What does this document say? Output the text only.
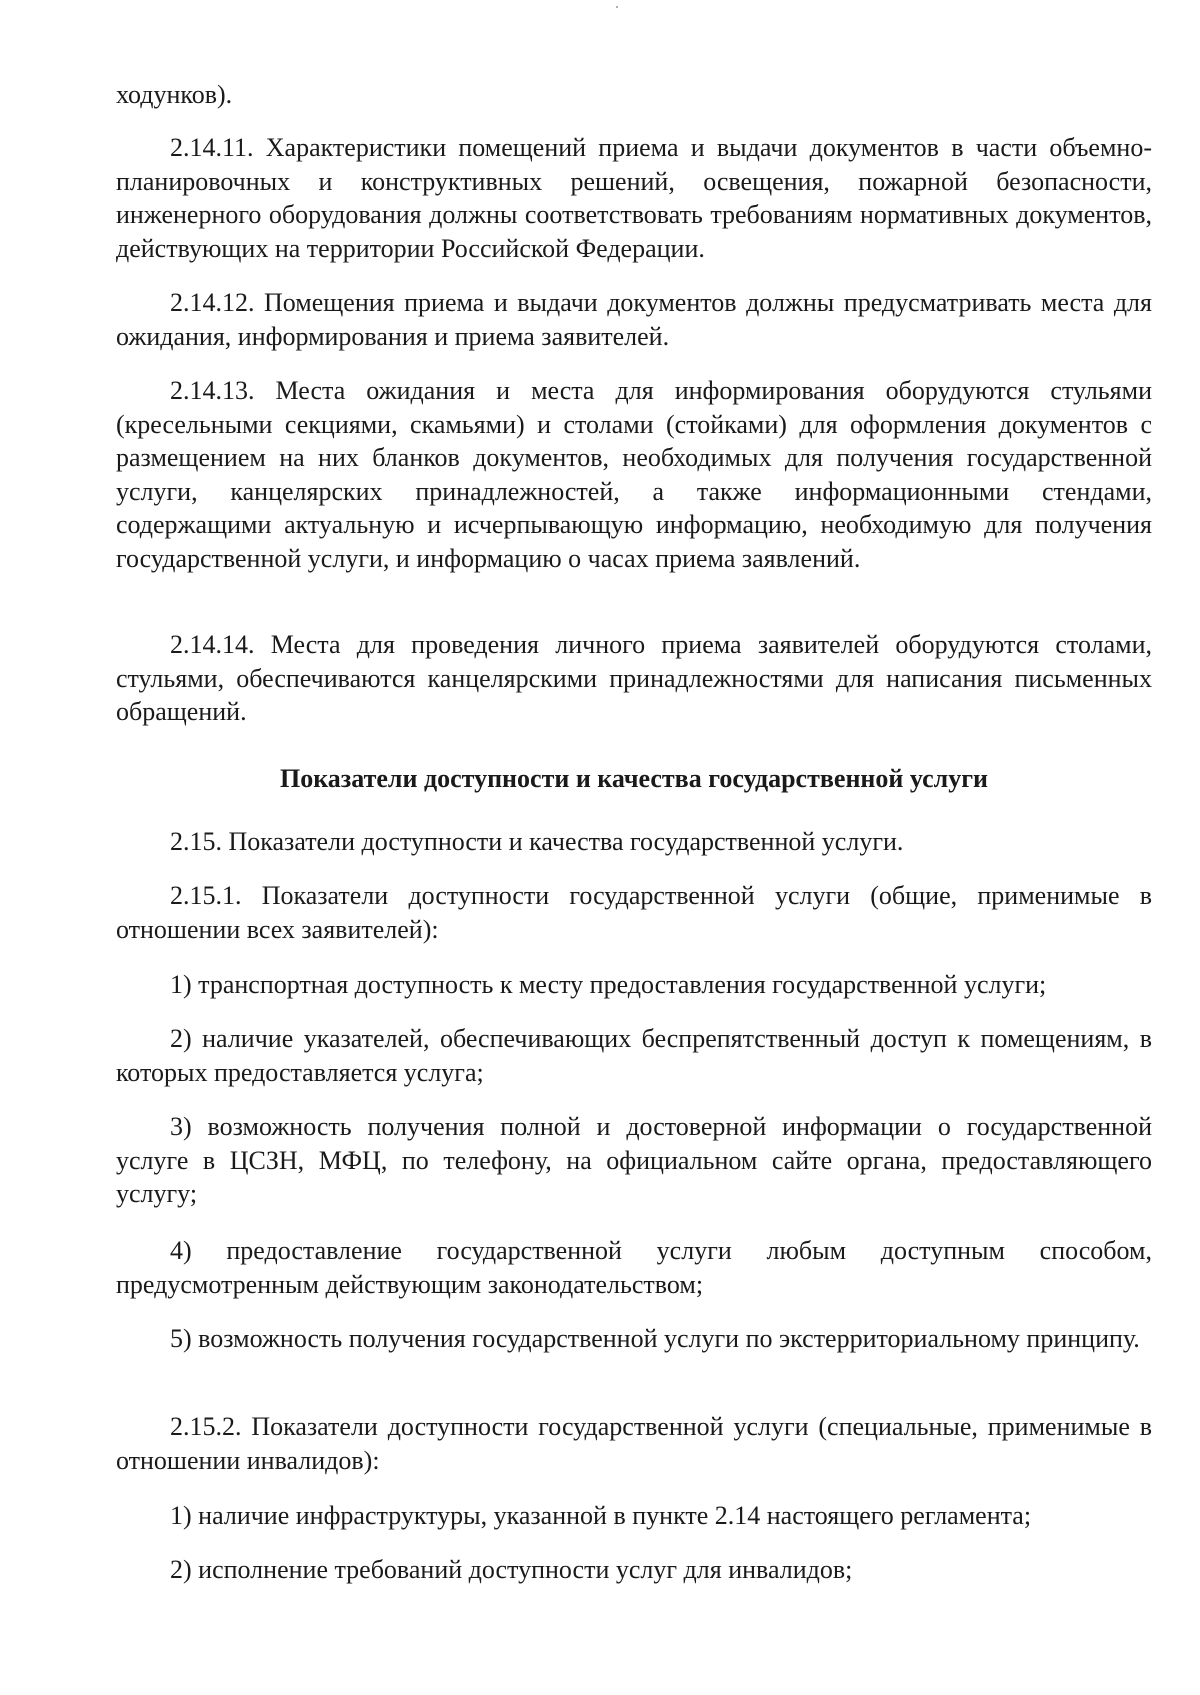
ходунков).

2.14.11. Характеристики помещений приема и выдачи документов в части объемно-планировочных и конструктивных решений, освещения, пожарной безопасности, инженерного оборудования должны соответствовать требованиям нормативных документов, действующих на территории Российской Федерации.

2.14.12. Помещения приема и выдачи документов должны предусматривать места для ожидания, информирования и приема заявителей.

2.14.13. Места ожидания и места для информирования оборудуются стульями (кресельными секциями, скамьями) и столами (стойками) для оформления документов с размещением на них бланков документов, необходимых для получения государственной услуги, канцелярских принадлежностей, а также информационными стендами, содержащими актуальную и исчерпывающую информацию, необходимую для получения государственной услуги, и информацию о часах приема заявлений.

2.14.14. Места для проведения личного приема заявителей оборудуются столами, стульями, обеспечиваются канцелярскими принадлежностями для написания письменных обращений.

Показатели доступности и качества государственной услуги

2.15. Показатели доступности и качества государственной услуги.

2.15.1. Показатели доступности государственной услуги (общие, применимые в отношении всех заявителей):

1) транспортная доступность к месту предоставления государственной услуги;

2) наличие указателей, обеспечивающих беспрепятственный доступ к помещениям, в которых предоставляется услуга;

3) возможность получения полной и достоверной информации о государственной услуге в ЦСЗН, МФЦ, по телефону, на официальном сайте органа, предоставляющего услугу;

4) предоставление государственной услуги любым доступным способом, предусмотренным действующим законодательством;

5) возможность получения государственной услуги по экстерриториальному принципу.

2.15.2. Показатели доступности государственной услуги (специальные, применимые в отношении инвалидов):

1) наличие инфраструктуры, указанной в пункте 2.14 настоящего регламента;

2) исполнение требований доступности услуг для инвалидов;
